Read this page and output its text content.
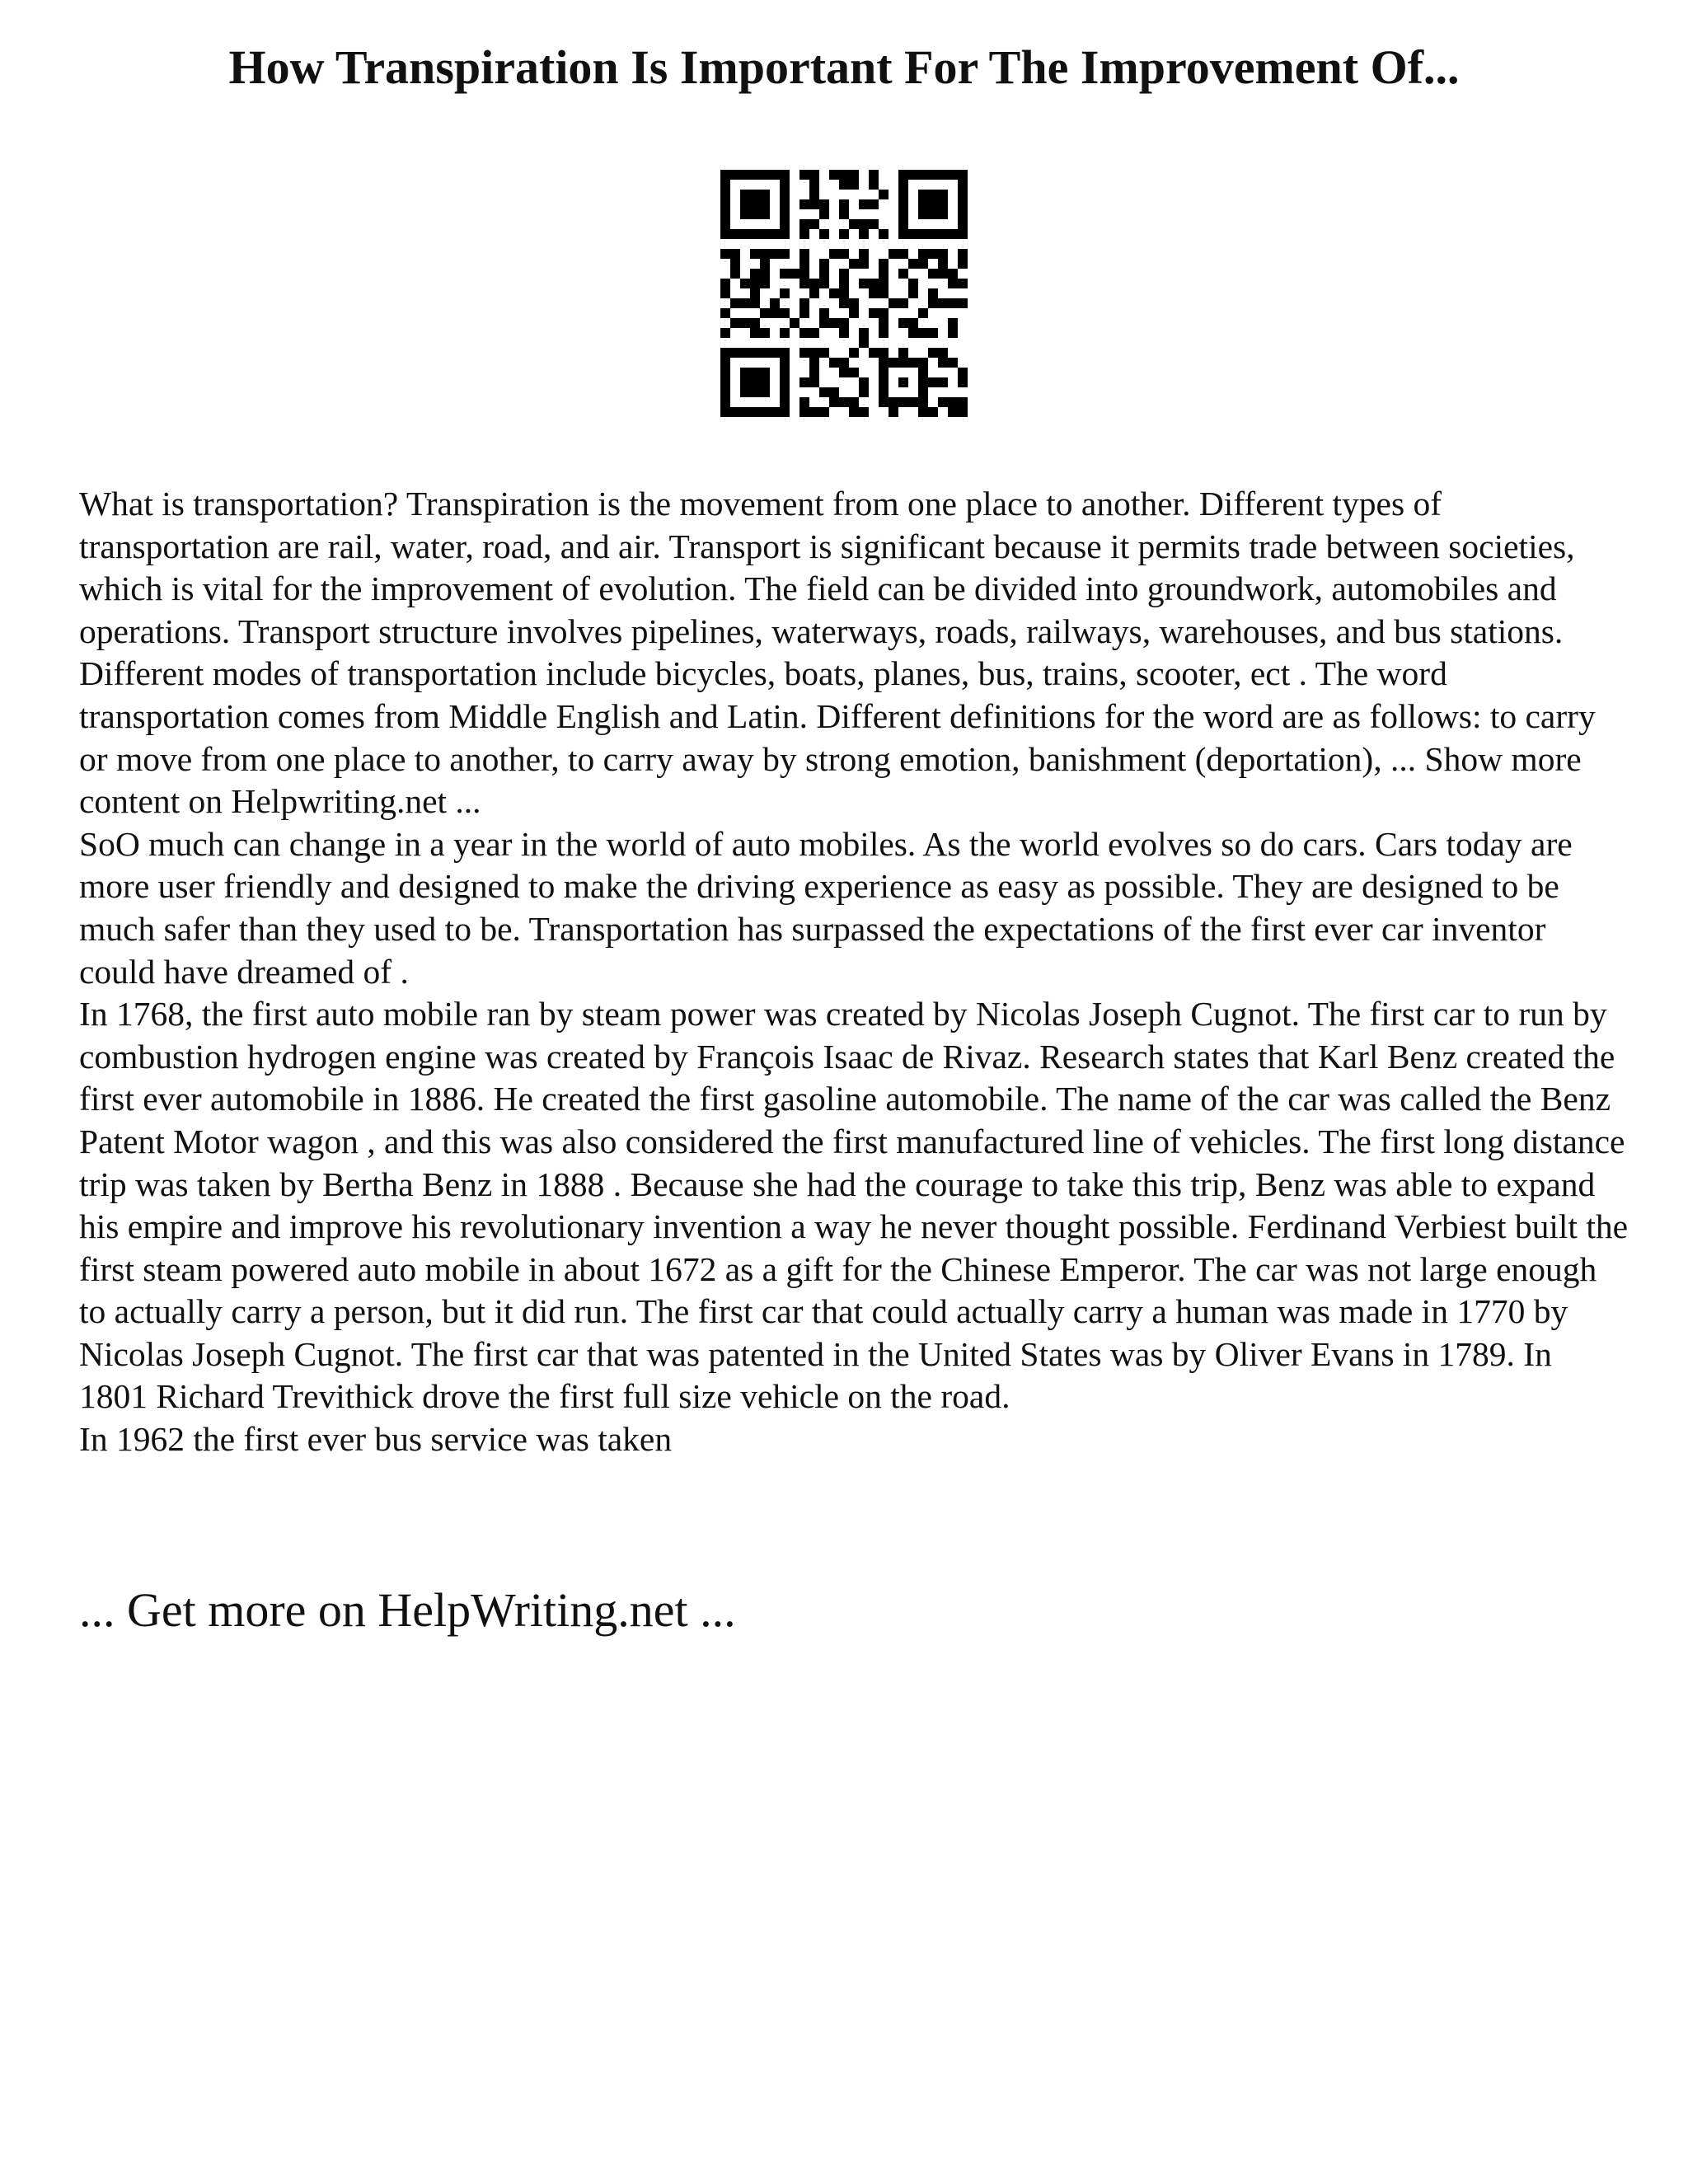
How Transpiration Is Important For The Improvement Of...

What is transportation? Transpiration is the movement from one place to another. Different types of transportation are rail, water, road, and air. Transport is significant because it permits trade between societies, which is vital for the improvement of evolution. The field can be divided into groundwork, automobiles and operations. Transport structure involves pipelines, waterways, roads, railways, warehouses, and bus stations. Different modes of transportation include bicycles, boats, planes, bus, trains, scooter, ect . The word transportation comes from Middle English and Latin. Different definitions for the word are as follows: to carry or move from one place to another, to carry away by strong emotion, banishment (deportation), ... Show more content on Helpwriting.net ...

SoO much can change in a year in the world of auto mobiles. As the world evolves so do cars. Cars today are more user friendly and designed to make the driving experience as easy as possible. They are designed to be much safer than they used to be. Transportation has surpassed the expectations of the first ever car inventor could have dreamed of .

In 1768, the first auto mobile ran by steam power was created by Nicolas Joseph Cugnot. The first car to run by combustion hydrogen engine was created by François Isaac de Rivaz. Research states that Karl Benz created the first ever automobile in 1886. He created the first gasoline automobile. The name of the car was called the Benz Patent Motor wagon , and this was also considered the first manufactured line of vehicles. The first long distance trip was taken by Bertha Benz in 1888 . Because she had the courage to take this trip, Benz was able to expand his empire and improve his revolutionary invention a way he never thought possible. Ferdinand Verbiest built the first steam powered auto mobile in about 1672 as a gift for the Chinese Emperor. The car was not large enough to actually carry a person, but it did run. The first car that could actually carry a human was made in 1770 by Nicolas Joseph Cugnot. The first car that was patented in the United States was by Oliver Evans in 1789. In 1801 Richard Trevithick drove the first full size vehicle on the road.

In 1962 the first ever bus service was taken

... Get more on HelpWriting.net ...
